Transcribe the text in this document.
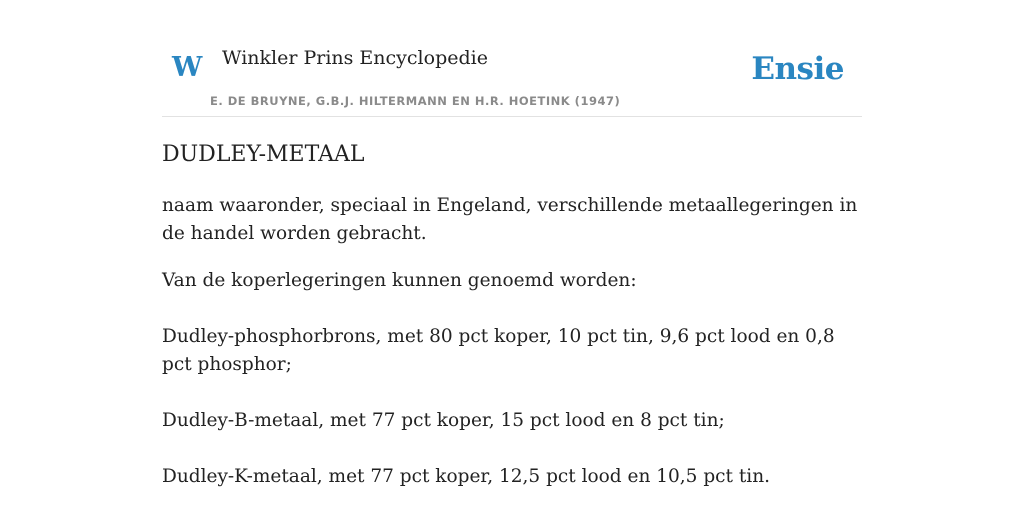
W Winkler Prins Encyclopedie
E. DE BRUYNE, G.B.J. HILTERMANN EN H.R. HOETINK (1947)
Ensie
DUDLEY-METAAL

naam waaronder, speciaal in Engeland, verschillende metaallegeringen in de handel worden gebracht.

Van de koperlegeringen kunnen genoemd worden:

Dudley-phosphorbrons, met 80 pct koper, 10 pct tin, 9,6 pct lood en 0,8 pct phosphor;

Dudley-B-metaal, met 77 pct koper, 15 pct lood en 8 pct tin;

Dudley-K-metaal, met 77 pct koper, 12,5 pct lood en 10,5 pct tin.
